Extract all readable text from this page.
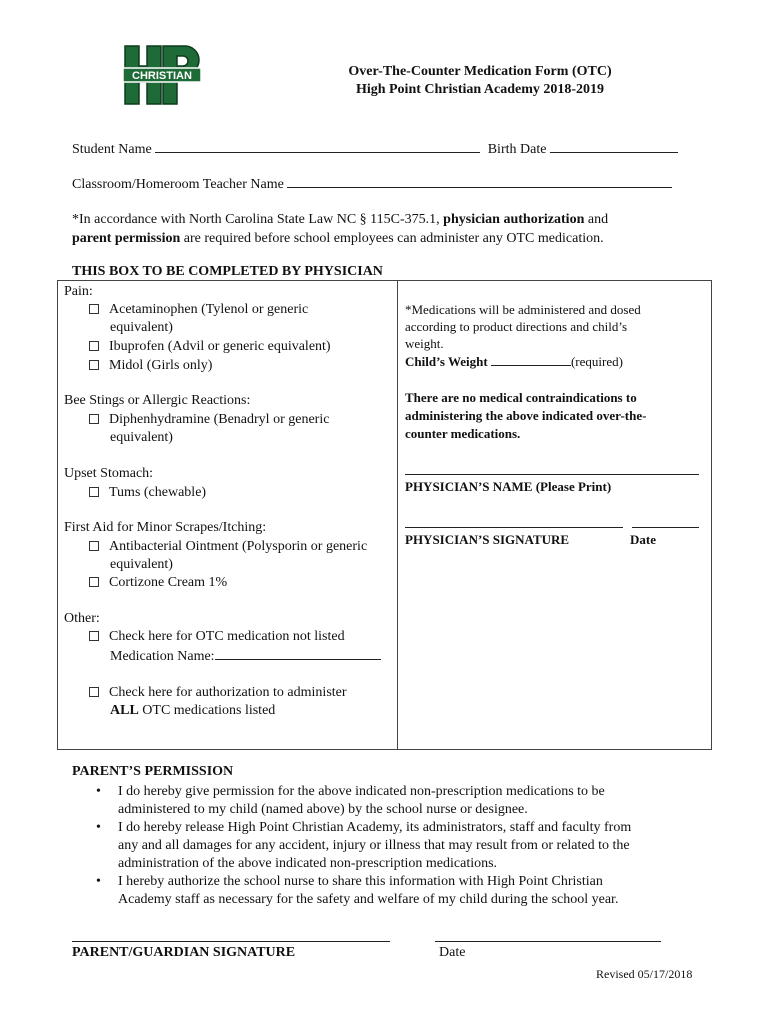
CHRISTIAN	Over-The-Counter Medication Form (OTC)
High Point Christian Academy 2018-2019
Student Name	Birth Date
Classroom/Homeroom Teacher Name
*In accordance with North Carolina State Law NC § 115C-375.1, physician authorization and
parent permission are required before school employees can administer any OTC medication.
THIS BOX TO BE COMPLETED BY PHYSICIAN
Pain:
Acetaminophen (Tylenol or generic
equivalent)
Ibuprofen (Advil or generic equivalent)
Midol (Girls only)
Bee Stings or Allergic Reactions:
Diphenhydramine (Benadryl or generic
equivalent)
Upset Stomach:
Tums (chewable)
First Aid for Minor Scrapes/Itching:
Antibacterial Ointment (Polysporin or generic
equivalent)
Cortizone Cream 1%
Other:
Check here for OTC medication not listed
Medication Name:
Check here for authorization to administer
ALL OTC medications listed
*Medications will be administered and dosed
according to product directions and child’s
weight.
Child’s Weight	(required)
There are no medical contraindications to
administering the above indicated over-the-
counter medications.
PHYSICIAN’S NAME (Please Print)
PHYSICIAN’S SIGNATURE	Date
PARENT’S PERMISSION
• I do hereby give permission for the above indicated non-prescription medications to be
administered to my child (named above) by the school nurse or designee.
• I do hereby release High Point Christian Academy, its administrators, staff and faculty from
any and all damages for any accident, injury or illness that may result from or related to the
administration of the above indicated non-prescription medications.
• I hereby authorize the school nurse to share this information with High Point Christian
Academy staff as necessary for the safety and welfare of my child during the school year.
PARENT/GUARDIAN SIGNATURE	Date
Revised 05/17/2018
